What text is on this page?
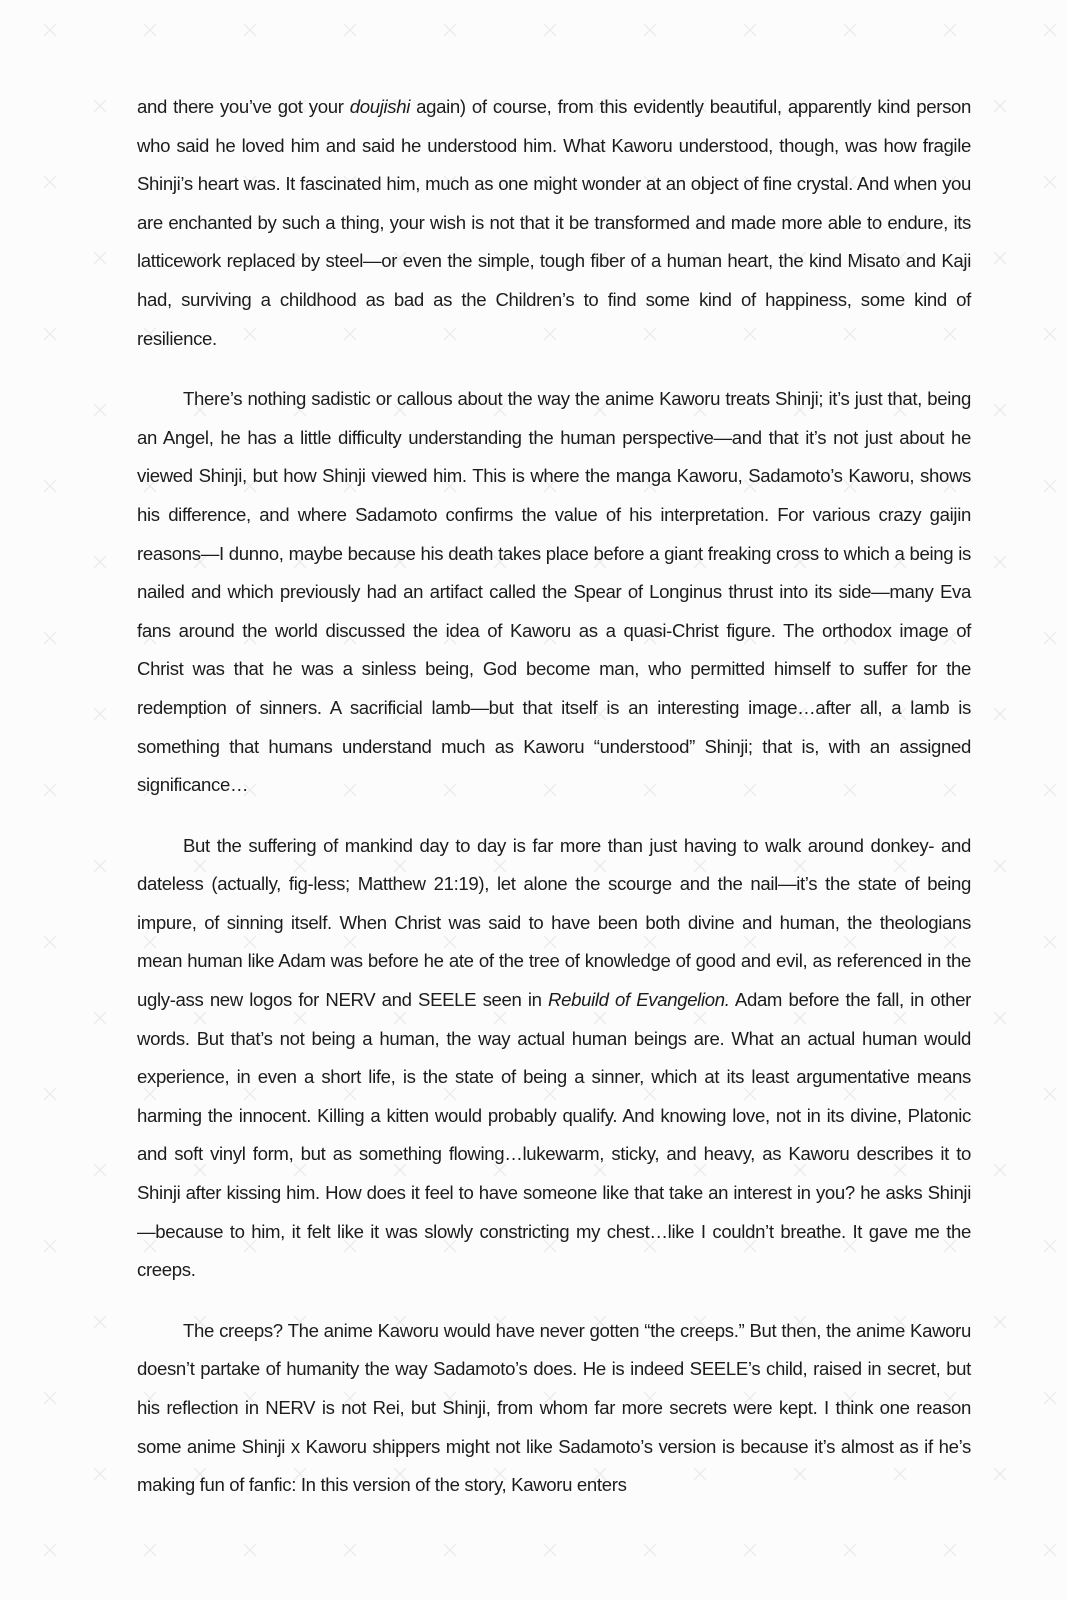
and there you’ve got your doujishi again) of course, from this evidently beautiful, apparently kind person who said he loved him and said he understood him. What Kaworu understood, though, was how fragile Shinji’s heart was. It fascinated him, much as one might wonder at an object of fine crystal. And when you are enchanted by such a thing, your wish is not that it be transformed and made more able to endure, its latticework replaced by steel—or even the simple, tough fiber of a human heart, the kind Misato and Kaji had, surviving a childhood as bad as the Children’s to find some kind of happiness, some kind of resilience.

There’s nothing sadistic or callous about the way the anime Kaworu treats Shinji; it’s just that, being an Angel, he has a little difficulty understanding the human perspective—and that it’s not just about he viewed Shinji, but how Shinji viewed him. This is where the manga Kaworu, Sadamoto’s Kaworu, shows his difference, and where Sadamoto confirms the value of his interpretation. For various crazy gaijin reasons—I dunno, maybe because his death takes place before a giant freaking cross to which a being is nailed and which previously had an artifact called the Spear of Longinus thrust into its side—many Eva fans around the world discussed the idea of Kaworu as a quasi-Christ figure. The orthodox image of Christ was that he was a sinless being, God become man, who permitted himself to suffer for the redemption of sinners. A sacrificial lamb—but that itself is an interesting image…after all, a lamb is something that humans understand much as Kaworu “understood” Shinji; that is, with an assigned significance…

But the suffering of mankind day to day is far more than just having to walk around donkey- and dateless (actually, fig-less; Matthew 21:19), let alone the scourge and the nail—it’s the state of being impure, of sinning itself. When Christ was said to have been both divine and human, the theologians mean human like Adam was before he ate of the tree of knowledge of good and evil, as referenced in the ugly-ass new logos for NERV and SEELE seen in Rebuild of Evangelion. Adam before the fall, in other words. But that’s not being a human, the way actual human beings are. What an actual human would experience, in even a short life, is the state of being a sinner, which at its least argumentative means harming the innocent. Killing a kitten would probably qualify. And knowing love, not in its divine, Platonic and soft vinyl form, but as something flowing…lukewarm, sticky, and heavy, as Kaworu describes it to Shinji after kissing him. How does it feel to have someone like that take an interest in you? he asks Shinji—because to him, it felt like it was slowly constricting my chest…like I couldn’t breathe. It gave me the creeps.

The creeps? The anime Kaworu would have never gotten “the creeps.” But then, the anime Kaworu doesn’t partake of humanity the way Sadamoto’s does. He is indeed SEELE’s child, raised in secret, but his reflection in NERV is not Rei, but Shinji, from whom far more secrets were kept. I think one reason some anime Shinji x Kaworu shippers might not like Sadamoto’s version is because it’s almost as if he’s making fun of fanfic: In this version of the story, Kaworu enters
